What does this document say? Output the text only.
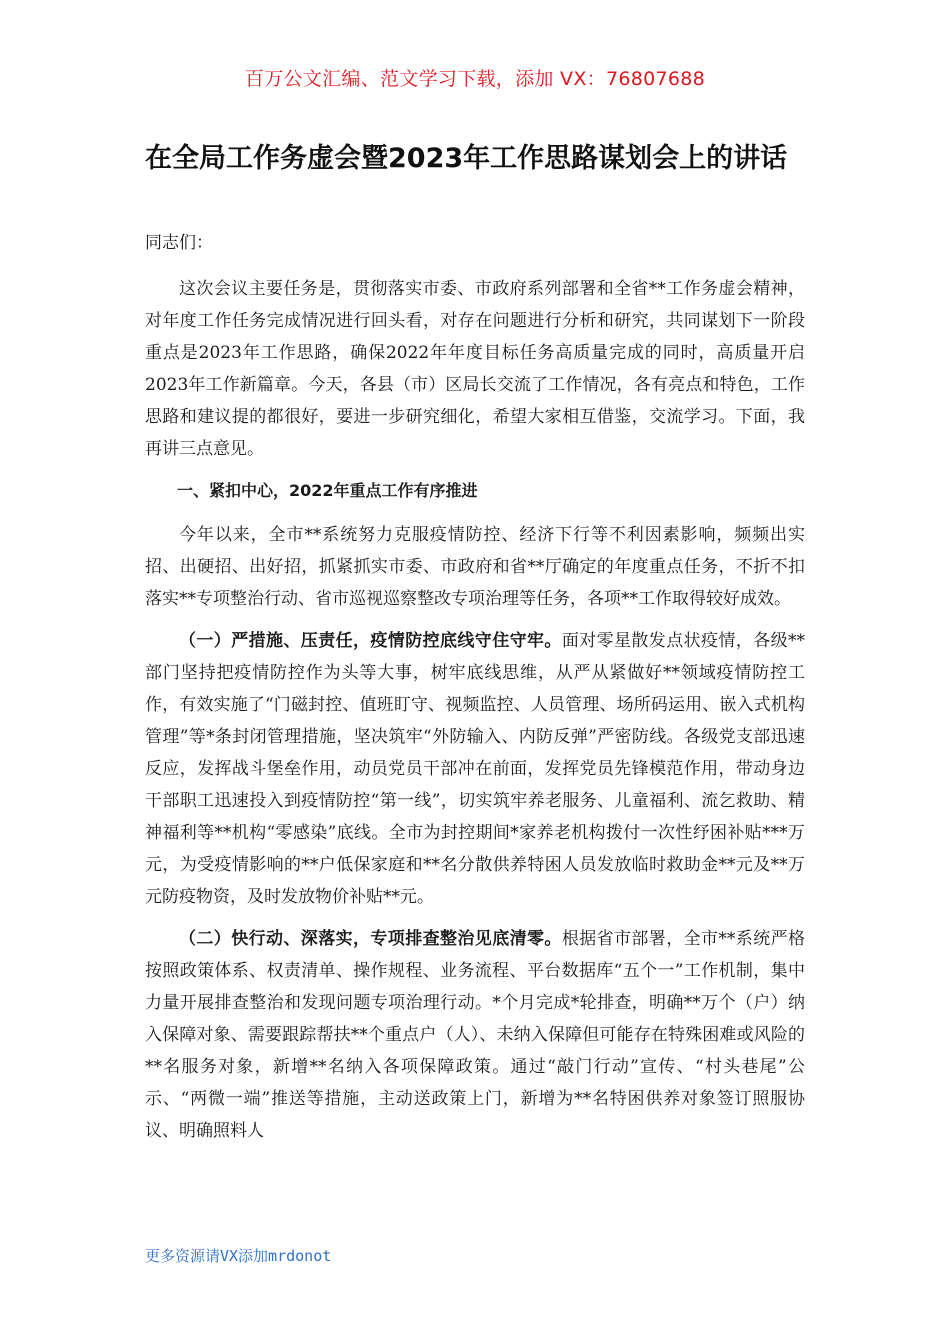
百万公文汇编、范文学习下载，添加 VX：76807688
在全局工作务虚会暨2023年工作思路谋划会上的讲话

同志们：

这次会议主要任务是，贯彻落实市委、市政府系列部署和全省**工作务虚会精神，对年度工作任务完成情况进行回头看，对存在问题进行分析和研究，共同谋划下一阶段重点是2023年工作思路，确保2022年年度目标任务高质量完成的同时，高质量开启2023年工作新篇章。今天，各县（市）区局长交流了工作情况，各有亮点和特色，工作思路和建议提的都很好，要进一步研究细化，希望大家相互借鉴，交流学习。下面，我再讲三点意见。

一、紧扣中心，2022年重点工作有序推进

今年以来，全市**系统努力克服疫情防控、经济下行等不利因素影响，频频出实招、出硬招、出好招，抓紧抓实市委、市政府和省**厅确定的年度重点任务，不折不扣落实**专项整治行动、省市巡视巡察整改专项治理等任务，各项**工作取得较好成效。

（一）严措施、压责任，疫情防控底线守住守牢。面对零星散发点状疫情，各级**部门坚持把疫情防控作为头等大事，树牢底线思维，从严从紧做好**领域疫情防控工作，有效实施了“门磁封控、值班盯守、视频监控、人员管理、场所码运用、嵌入式机构管理”等*条封闭管理措施，坚决筑牢“外防输入、内防反弹”严密防线。各级党支部迅速反应，发挥战斗堡垒作用，动员党员干部冲在前面，发挥党员先锋模范作用，带动身边干部职工迅速投入到疫情防控“第一线”，切实筑牢养老服务、儿童福利、流乞救助、精神福利等**机构“零感染”底线。全市为封控期间*家养老机构拨付一次性纾困补贴***万元，为受疫情影响的**户低保家庭和**名分散供养特困人员发放临时救助金**元及**万元防疫物资，及时发放物价补贴**元。

（二）快行动、深落实，专项排查整治见底清零。根据省市部署，全市**系统严格按照政策体系、权责清单、操作规程、业务流程、平台数据库“五个一”工作机制，集中力量开展排查整治和发现问题专项治理行动。*个月完成*轮排查，明确**万个（户）纳入保障对象、需要跟踪帮扶**个重点户（人）、未纳入保障但可能存在特殊困难或风险的**名服务对象，新增**名纳入各项保障政策。通过“敲门行动”宣传、“村头巷尾”公示、“两微一端”推送等措施，主动送政策上门，新增为**名特困供养对象签订照服协议、明确照料人

更多资源请VX添加mrdonot
